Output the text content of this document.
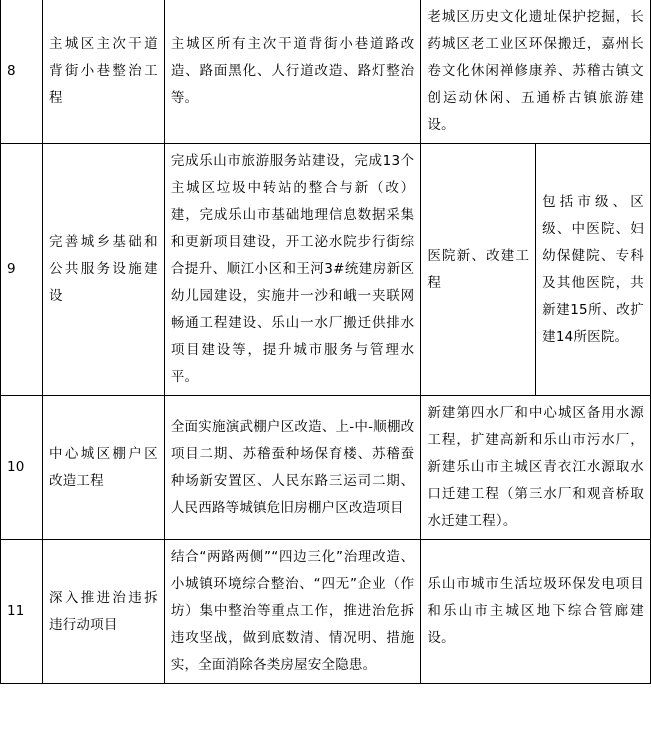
8	主城区主次干道背街小巷整治工程	主城区所有主次干道背街小巷道路改造、路面黑化、人行道改造、路灯整治等。	老城区历史文化遗址保护挖掘，长药城区老工业区环保搬迁，嘉州长卷文化休闲禅修康养、苏稽古镇文创运动休闲、五通桥古镇旅游建设。	
9	完善城乡基础和公共服务设施建设	完成乐山市旅游服务站建设，完成13个主城区垃圾中转站的整合与新（改）建，完成乐山市基础地理信息数据采集和更新项目建设，开工泌水院步行街综合提升、顺江小区和王河3#统建房新区幼儿园建设，实施井一沙和峨一夹联网畅通工程建设、乐山一水厂搬迁供排水项目建设等，提升城市服务与管理水平。	医院新、改建工程	包括市级、区级、中医院、妇幼保健院、专科及其他医院，共新建15所、改扩建14所医院。
10	中心城区棚户区改造工程	全面实施演武棚户区改造、上-中-顺棚改项目二期、苏稽蚕种场保育楼、苏稽蚕种场新安置区、人民东路三运司二期、人民西路等城镇危旧房棚户区改造项目	新建第四水厂和中心城区备用水源工程，扩建高新和乐山市污水厂，新建乐山市主城区青衣江水源取水口迁建工程（第三水厂和观音桥取水迁建工程）。	
11	深入推进治违拆违行动项目	结合“两路两侧”“四边三化”治理改造、小城镇环境综合整治、“四无”企业（作坊）集中整治等重点工作，推进治危拆违攻坚战，做到底数清、情况明、措施实，全面消除各类房屋安全隐患。	乐山市城市生活垃圾环保发电项目和乐山市主城区地下综合管廊建设。	
